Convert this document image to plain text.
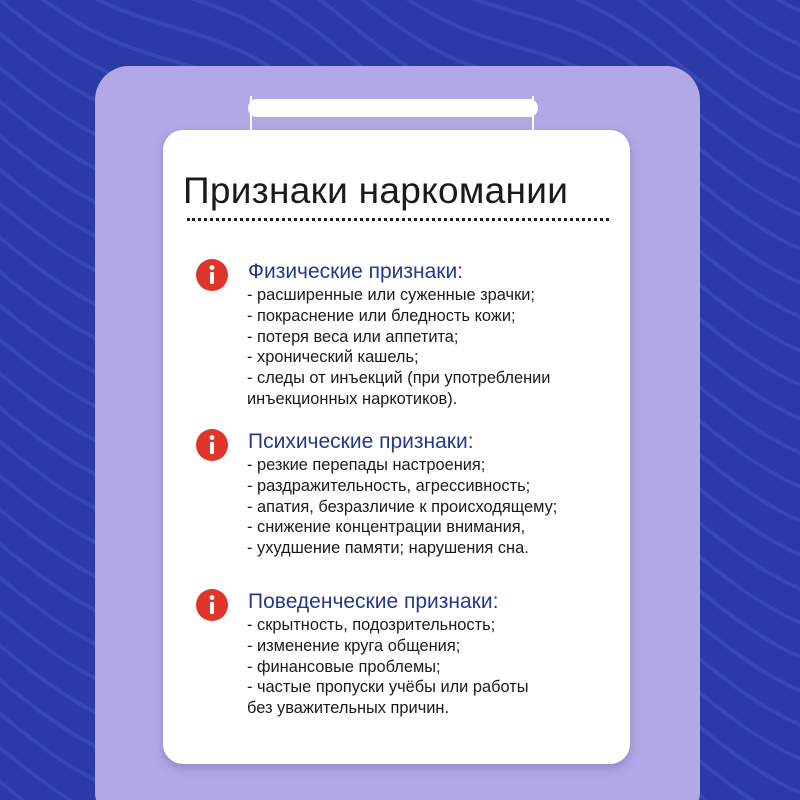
Признаки наркомании
Физические признаки:
- расширенные или суженные зрачки;
- покраснение или бледность кожи;
- потеря веса или аппетита;
- хронический кашель;
- следы от инъекций (при употреблении
инъекционных наркотиков).
Психические признаки:
- резкие перепады настроения;
- раздражительность, агрессивность;
- апатия, безразличие к происходящему;
- снижение концентрации внимания,
- ухудшение памяти; нарушения сна.
Поведенческие признаки:
- скрытность, подозрительность;
- изменение круга общения;
- финансовые проблемы;
- частые пропуски учёбы или работы
без уважительных причин.
